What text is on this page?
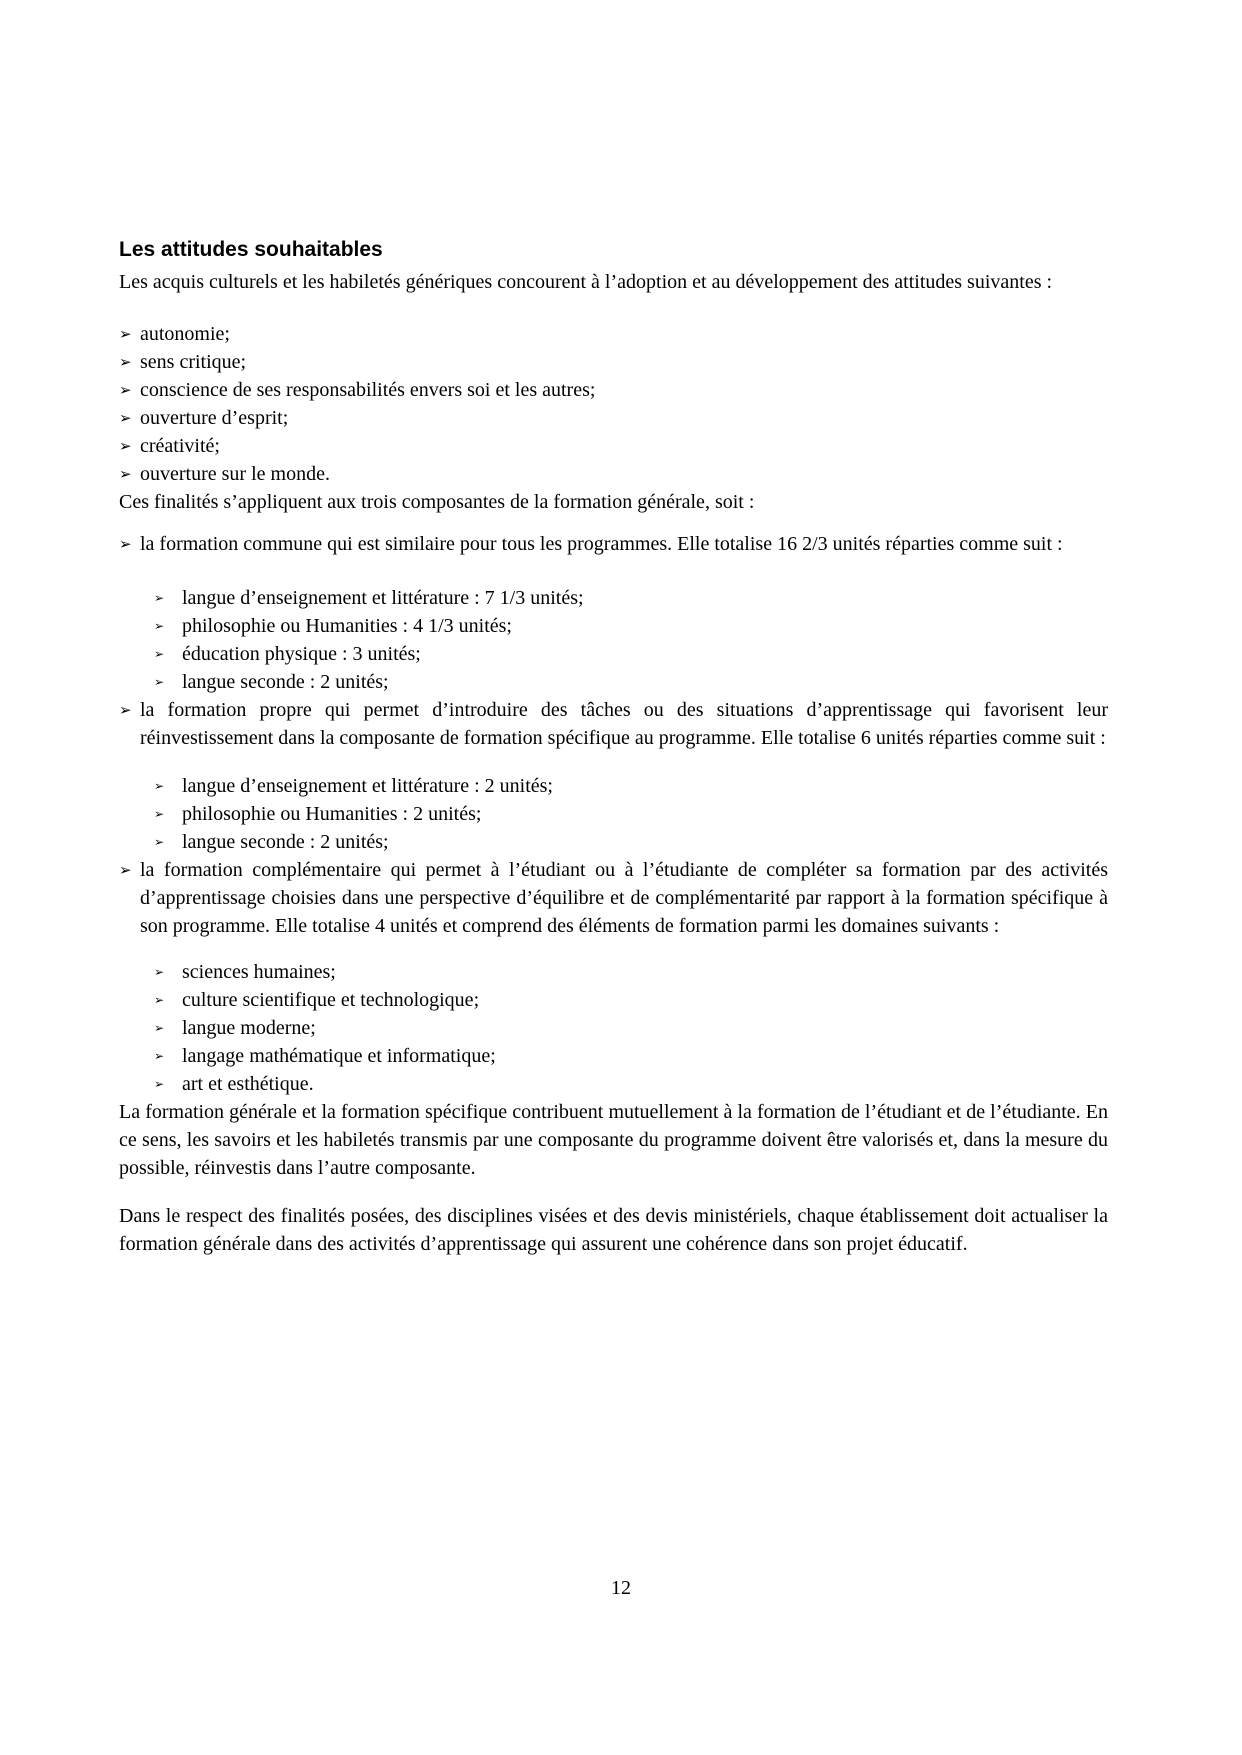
Les attitudes souhaitables

Les acquis culturels et les habiletés génériques concourent à l’adoption et au développement des attitudes suivantes :

➢ autonomie;
➢ sens critique;
➢ conscience de ses responsabilités envers soi et les autres;
➢ ouverture d’esprit;
➢ créativité;
➢ ouverture sur le monde.

Ces finalités s’appliquent aux trois composantes de la formation générale, soit :

➢ la formation commune qui est similaire pour tous les programmes. Elle totalise 16 2/3 unités réparties comme suit :
➢ langue d’enseignement et littérature : 7 1/3 unités;
➢ philosophie ou Humanities : 4 1/3 unités;
➢ éducation physique : 3 unités;
➢ langue seconde : 2 unités;
➢ la formation propre qui permet d’introduire des tâches ou des situations d’apprentissage qui favorisent leur réinvestissement dans la composante de formation spécifique au programme. Elle totalise 6 unités réparties comme suit :
➢ langue d’enseignement et littérature : 2 unités;
➢ philosophie ou Humanities : 2 unités;
➢ langue seconde : 2 unités;
➢ la formation complémentaire qui permet à l’étudiant ou à l’étudiante de compléter sa formation par des activités d’apprentissage choisies dans une perspective d’équilibre et de complémentarité par rapport à la formation spécifique à son programme. Elle totalise 4 unités et comprend des éléments de formation parmi les domaines suivants :
➢ sciences humaines;
➢ culture scientifique et technologique;
➢ langue moderne;
➢ langage mathématique et informatique;
➢ art et esthétique.

La formation générale et la formation spécifique contribuent mutuellement à la formation de l’étudiant et de l’étudiante. En ce sens, les savoirs et les habiletés transmis par une composante du programme doivent être valorisés et, dans la mesure du possible, réinvestis dans l’autre composante.

Dans le respect des finalités posées, des disciplines visées et des devis ministériels, chaque établissement doit actualiser la formation générale dans des activités d’apprentissage qui assurent une cohérence dans son projet éducatif.

12
